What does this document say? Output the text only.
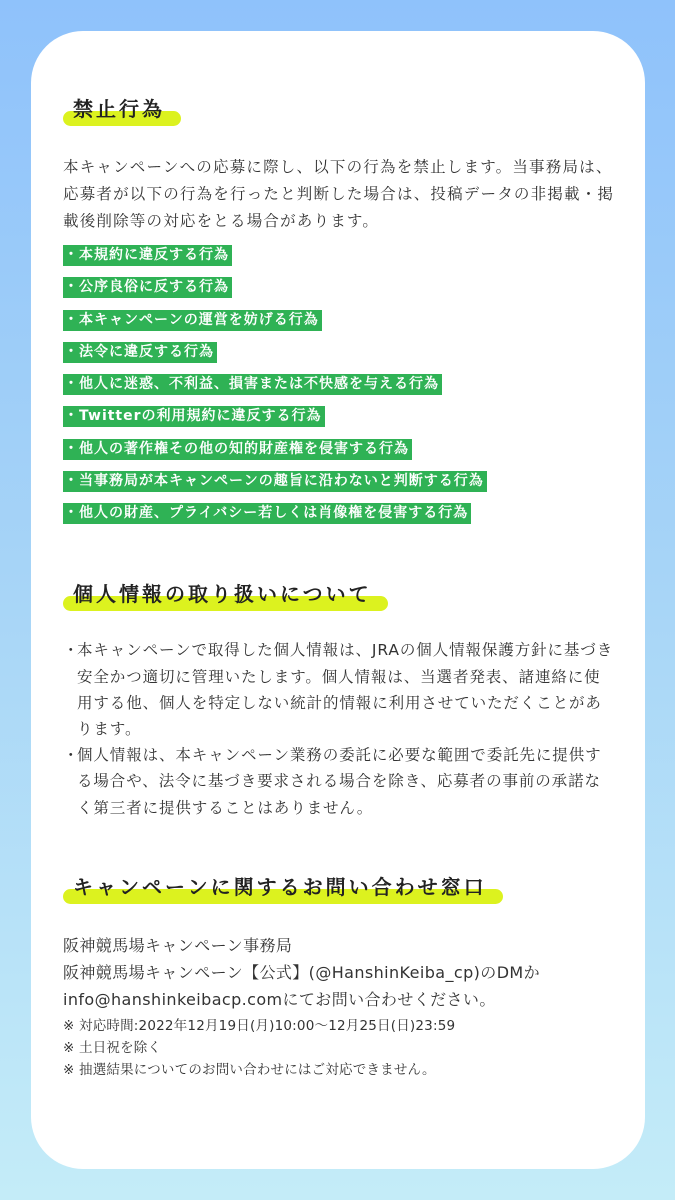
禁止行為
本キャンペーンへの応募に際し、以下の行為を禁止します。当事務局は、応募者が以下の行為を行ったと判断した場合は、投稿データの非掲載・掲載後削除等の対応をとる場合があります。
・本規約に違反する行為
・公序良俗に反する行為
・本キャンペーンの運営を妨げる行為
・法令に違反する行為
・他人に迷惑、不利益、損害または不快感を与える行為
・Twitterの利用規約に違反する行為
・他人の著作権その他の知的財産権を侵害する行為
・当事務局が本キャンペーンの趣旨に沿わないと判断する行為
・他人の財産、プライバシー若しくは肖像権を侵害する行為
個人情報の取り扱いについて
・
本キャンペーンで取得した個人情報は、JRAの個人情報保護方針に基づき安全かつ適切に管理いたします。個人情報は、当選者発表、諸連絡に使用する他、個人を特定しない統計的情報に利用させていただくことがあります。
・
個人情報は、本キャンペーン業務の委託に必要な範囲で委託先に提供する場合や、法令に基づき要求される場合を除き、応募者の事前の承諾なく第三者に提供することはありません。
キャンペーンに関するお問い合わせ窓口
阪神競馬場キャンペーン事務局
阪神競馬場キャンペーン【公式】(@HanshinKeiba_cp)のDMか
info@hanshinkeibacp.comにてお問い合わせください。
※ 対応時間:2022年12月19日(月)10:00～12月25日(日)23:59
※ 土日祝を除く
※ 抽選結果についてのお問い合わせにはご対応できません。
